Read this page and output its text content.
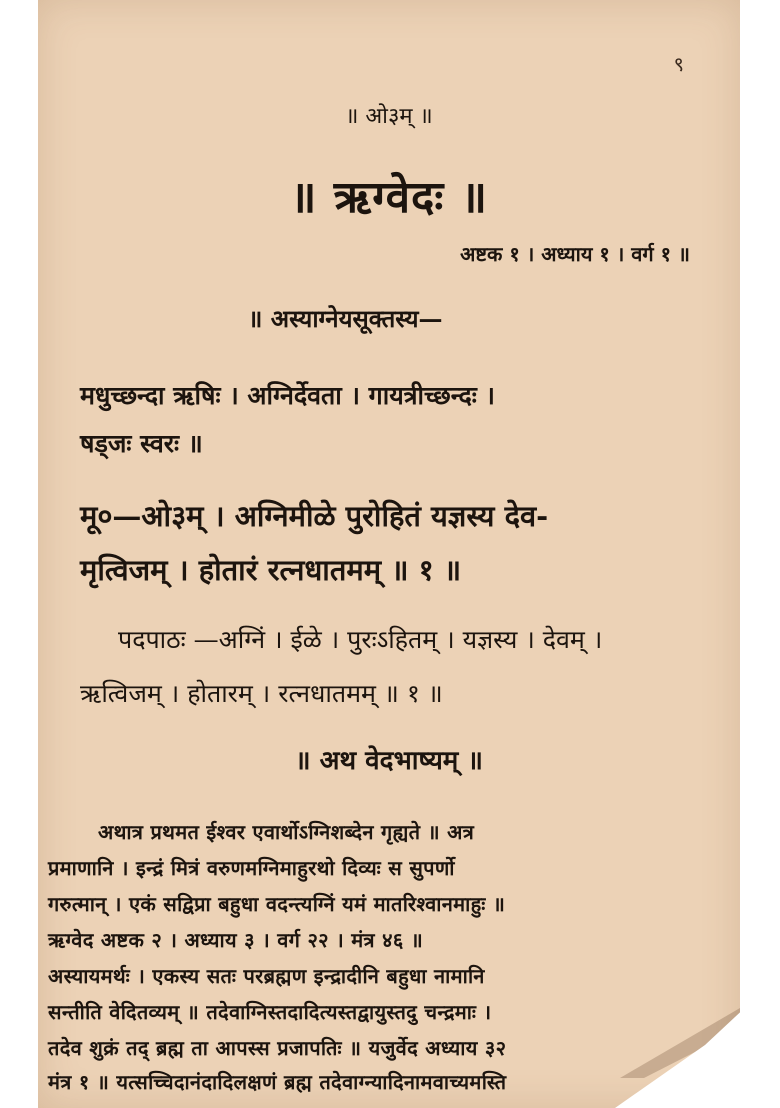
९
॥ ओ३म् ॥
॥ ऋग्वेदः ॥
अष्टक १ । अध्याय १ । वर्ग १ ॥
॥ अस्याग्नेयसूक्तस्य—
मधुच्छन्दा ऋषिः । अग्निर्देवता । गायत्रीच्छन्दः ।
षड्जः स्वरः ॥
मू०—ओ३म् । अग्निमीळे पुरोहितं यज्ञस्य देव-
मृत्विजम् । होतारं रत्नधातमम् ॥ १ ॥
पदपाठः —अग्निं । ईळे । पुरःऽहितम् । यज्ञस्य । देवम् ।
ऋत्विजम् । होतारम् । रत्नधातमम् ॥ १ ॥
॥ अथ वेदभाष्यम् ॥
अथात्र प्रथमत ईश्वर एवार्थोऽग्निशब्देन गृह्यते ॥ अत्र
प्रमाणानि । इन्द्रं मित्रं वरुणमग्निमाहुरथो दिव्यः स सुपर्णो
गरुत्मान् । एकं सद्विप्रा बहुधा वदन्त्यग्निं यमं मातरिश्वानमाहुः ॥
ऋग्वेद अष्टक २ । अध्याय ३ । वर्ग २२ । मंत्र ४६ ॥
अस्यायमर्थः । एकस्य सतः परब्रह्मण इन्द्रादीनि बहुधा नामानि
सन्तीति वेदितव्यम् ॥ तदेवाग्निस्तदादित्यस्तद्वायुस्तदु चन्द्रमाः ।
तदेव शुक्रं तद् ब्रह्म ता आपस्स प्रजापतिः ॥ यजुर्वेद अध्याय ३२
मंत्र १ ॥ यत्सच्चिदानंदादिलक्षणं ब्रह्म तदेवाग्न्यादिनामवाच्यमस्ति
